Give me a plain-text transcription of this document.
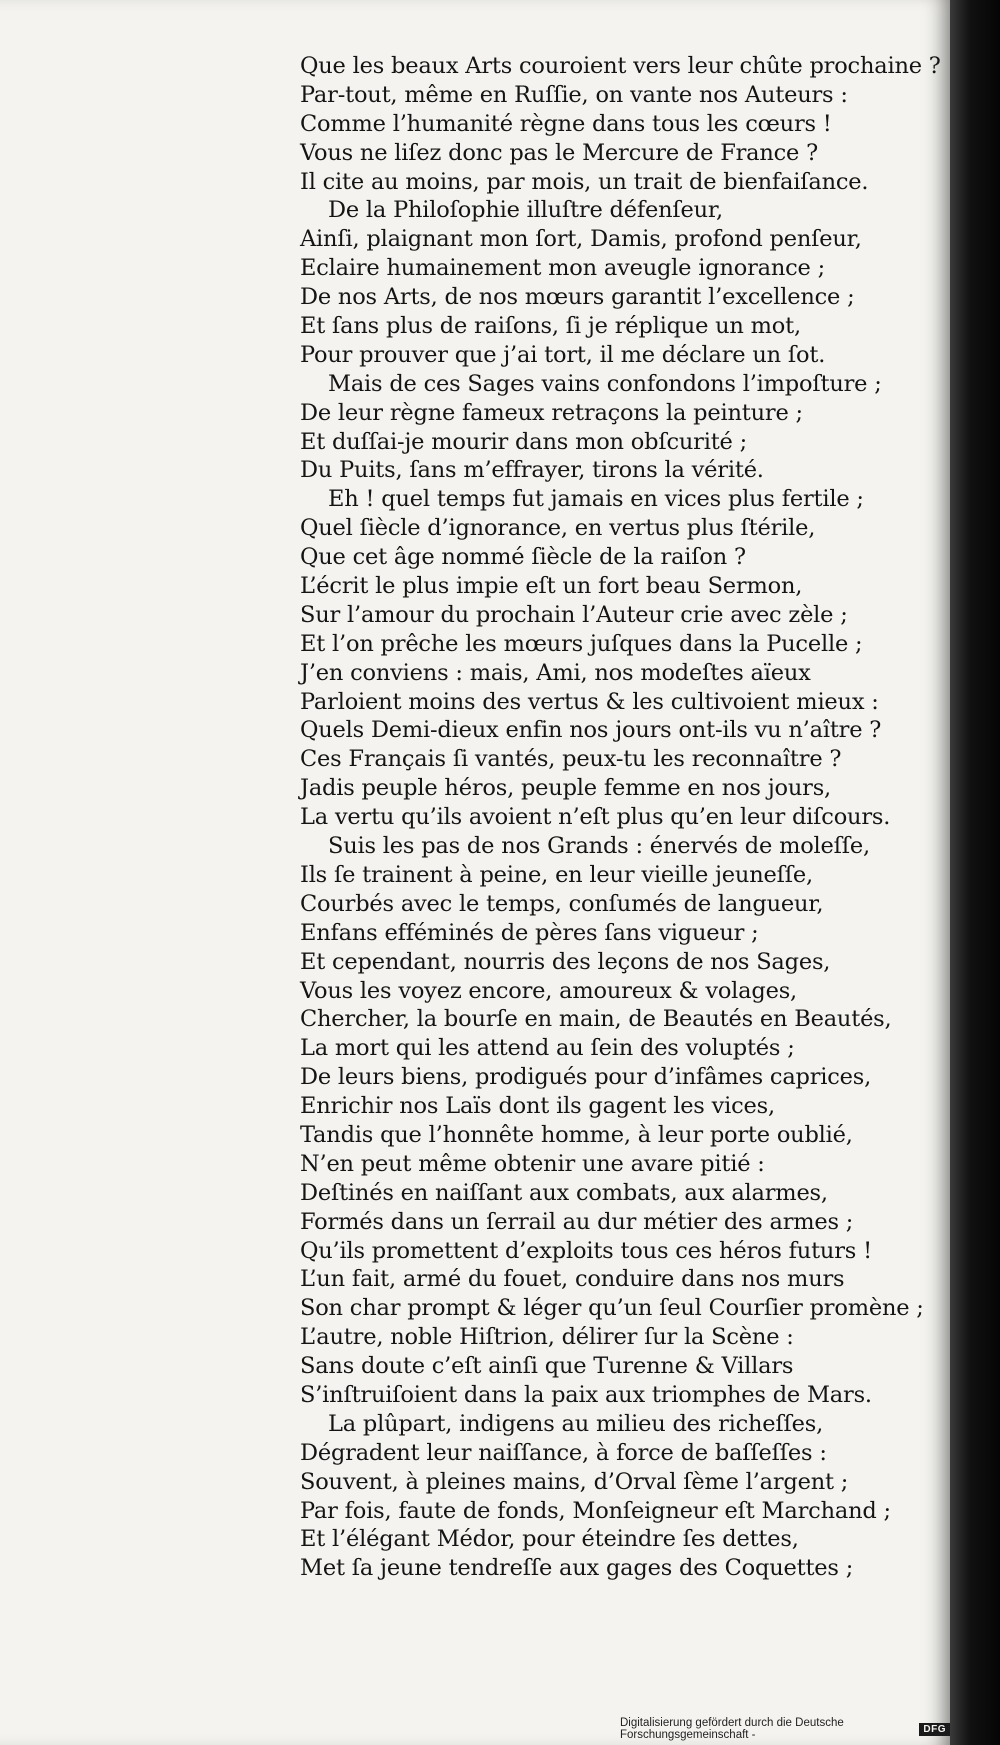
Que les beaux Arts couroient vers leur chûte prochaine ?
Par-tout, même en Ruſſie, on vante nos Auteurs :
Comme l’humanité règne dans tous les cœurs !
Vous ne liſez donc pas le Mercure de France ?
Il cite au moins, par mois, un trait de bienfaiſance.
De la Philoſophie illuſtre défenſeur,
Ainſi, plaignant mon ſort, Damis, profond penſeur,
Eclaire humainement mon aveugle ignorance ;
De nos Arts, de nos mœurs garantit l’excellence ;
Et ſans plus de raiſons, ſi je réplique un mot,
Pour prouver que j’ai tort, il me déclare un ſot.
Mais de ces Sages vains confondons l’impoſture ;
De leur règne fameux retraçons la peinture ;
Et duſſai-je mourir dans mon obſcurité ;
Du Puits, ſans m’effrayer, tirons la vérité.
Eh ! quel temps fut jamais en vices plus fertile ;
Quel ſiècle d’ignorance, en vertus plus ſtérile,
Que cet âge nommé ſiècle de la raiſon ?
L’écrit le plus impie eſt un fort beau Sermon,
Sur l’amour du prochain l’Auteur crie avec zèle ;
Et l’on prêche les mœurs juſques dans la Pucelle ;
J’en conviens : mais, Ami, nos modeſtes aïeux
Parloient moins des vertus & les cultivoient mieux :
Quels Demi-dieux enfin nos jours ont-ils vu n’aître ?
Ces Français ſi vantés, peux-tu les reconnaître ?
Jadis peuple héros, peuple femme en nos jours,
La vertu qu’ils avoient n’eſt plus qu’en leur diſcours.
Suis les pas de nos Grands : énervés de moleſſe,
Ils ſe trainent à peine, en leur vieille jeuneſſe,
Courbés avec le temps, conſumés de langueur,
Enfans efféminés de pères ſans vigueur ;
Et cependant, nourris des leçons de nos Sages,
Vous les voyez encore, amoureux & volages,
Chercher, la bourſe en main, de Beautés en Beautés,
La mort qui les attend au ſein des voluptés ;
De leurs biens, prodigués pour d’infâmes caprices,
Enrichir nos Laïs dont ils gagent les vices,
Tandis que l’honnête homme, à leur porte oublié,
N’en peut même obtenir une avare pitié :
Deſtinés en naiſſant aux combats, aux alarmes,
Formés dans un ſerrail au dur métier des armes ;
Qu’ils promettent d’exploits tous ces héros futurs !
L’un fait, armé du fouet, conduire dans nos murs
Son char prompt & léger qu’un ſeul Courſier promène ;
L’autre, noble Hiſtrion, délirer ſur la Scène :
Sans doute c’eſt ainſi que Turenne & Villars
S’inſtruiſoient dans la paix aux triomphes de Mars.
La plûpart, indigens au milieu des richeſſes,
Dégradent leur naiſſance, à force de baſſeſſes :
Souvent, à pleines mains, d’Orval ſème l’argent ;
Par fois, faute de fonds, Monſeigneur eſt Marchand ;
Et l’élégant Médor, pour éteindre ſes dettes,
Met ſa jeune tendreſſe aux gages des Coquettes ;
Digitalisierung gefördert durch die Deutsche Forschungsgemeinschaft -	DFG
